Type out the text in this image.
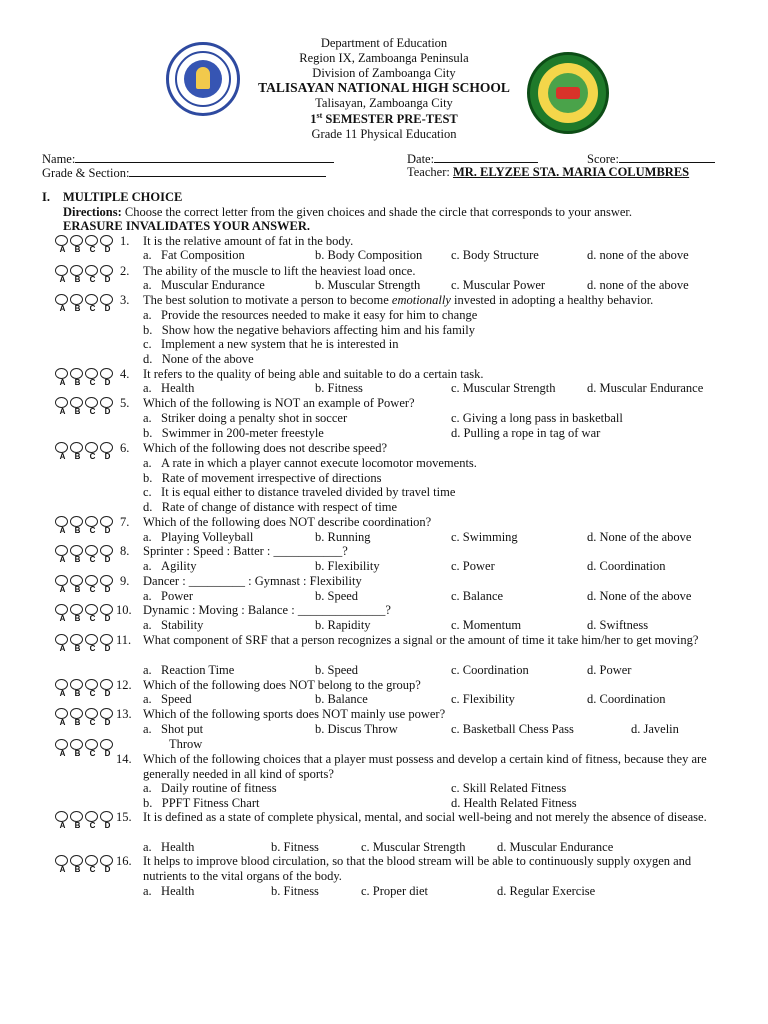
Department of Education
Region IX, Zamboanga Peninsula
Division of Zamboanga City
TALISAYAN NATIONAL HIGH SCHOOL
Talisayan, Zamboanga City
1st SEMESTER PRE-TEST
Grade 11 Physical Education
Name:
Grade & Section:
Date:	Score:
Teacher: MR. ELYZEE STA. MARIA COLUMBRES
I. MULTIPLE CHOICE
Directions: Choose the correct letter from the given choices and shade the circle that corresponds to your answer.
ERASURE INVALIDATES YOUR ANSWER.
A	B	C	D
1. It is the relative amount of fat in the body.
a.   Fat Composition	b. Body Composition c. Body Structure	d. none of the above
A	B	C	D
2. The ability of the muscle to lift the heaviest load once.
a.   Muscular Endurance	b. Muscular Strength c. Muscular Power	d. none of the above
A	B	C	D
3. The best solution to motivate a person to become emotionally invested in adopting a healthy behavior.
a.   Provide the resources needed to make it easy for him to change
b.   Show how the negative behaviors affecting him and his family
c.   Implement a new system that he is interested in
d.   None of the above
A	B	C	D
4. It refers to the quality of being able and suitable to do a certain task.
a.   Health	b. Fitness	c. Muscular Strength	d. Muscular Endurance
A	B	C	D
5. Which of the following is NOT an example of Power?
a.   Striker doing a penalty shot in soccer	c. Giving a long pass in basketball
b.   Swimmer in 200-meter freestyle	d. Pulling a rope in tag of war
A	B	C	D
6. Which of the following does not describe speed?
a.   A rate in which a player cannot execute locomotor movements.
b.   Rate of movement irrespective of directions
c.   It is equal either to distance traveled divided by travel time
d.   Rate of change of distance with respect of time
A	B	C	D
7. Which of the following does NOT describe coordination?
a.   Playing Volleyball	b. Running	c. Swimming	d. None of the above
A	B	C	D
8. Sprinter : Speed : Batter : ___________?
a.   Agility	b. Flexibility	c. Power	d. Coordination
A	B	C	D
9. Dancer : _________ : Gymnast : Flexibility
a.   Power	b. Speed	c. Balance	d. None of the above
A	B	C	D
10. Dynamic : Moving : Balance : ______________?
a.   Stability	b. Rapidity	c. Momentum	d. Swiftness
A	B	C	D
11. What component of SRF that a person recognizes a signal or the amount of time it take him/her to get moving?
a.   Reaction Time	b. Speed	c. Coordination	d. Power
A	B	C	D
12. Which of the following does NOT belong to the group?
a.   Speed	b. Balance	c. Flexibility	d. Coordination
A	B	C	D
13. Which of the following sports does NOT mainly use power?
a.   Shot put	b. Discus Throw	c. Basketball Chess Pass	d. Javelin
Throw
A	B	C	D 14. Which of the following choices that a player must possess and develop a certain kind of fitness, because they are generally needed in all kind of sports?
a.   Daily routine of fitness	c. Skill Related Fitness
b.   PPFT Fitness Chart	d. Health Related Fitness
A	B	C	D
15. It is defined as a state of complete physical, mental, and social well-being and not merely the absence of disease.
a.   Health	b. Fitness	c. Muscular Strength	d. Muscular Endurance
A	B	C	D
16. It helps to improve blood circulation, so that the blood stream will be able to continuously supply oxygen and nutrients to the vital organs of the body.
a.   Health	b. Fitness	c. Proper diet	d. Regular Exercise
